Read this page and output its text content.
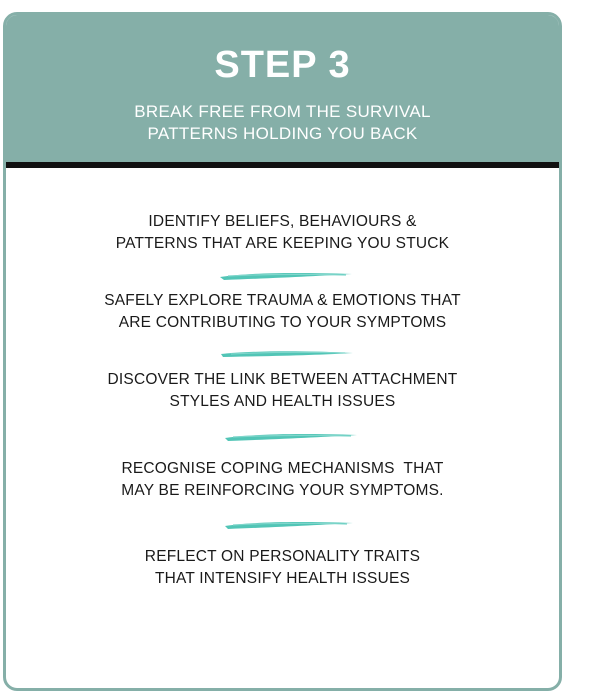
STEP 3
BREAK FREE FROM THE SURVIVAL
PATTERNS HOLDING YOU BACK
IDENTIFY BELIEFS, BEHAVIOURS &
PATTERNS THAT ARE KEEPING YOU STUCK
SAFELY EXPLORE TRAUMA & EMOTIONS THAT
ARE CONTRIBUTING TO YOUR SYMPTOMS
DISCOVER THE LINK BETWEEN ATTACHMENT
STYLES AND HEALTH ISSUES
RECOGNISE COPING MECHANISMS  THAT
MAY BE REINFORCING YOUR SYMPTOMS.
REFLECT ON PERSONALITY TRAITS
THAT INTENSIFY HEALTH ISSUES
